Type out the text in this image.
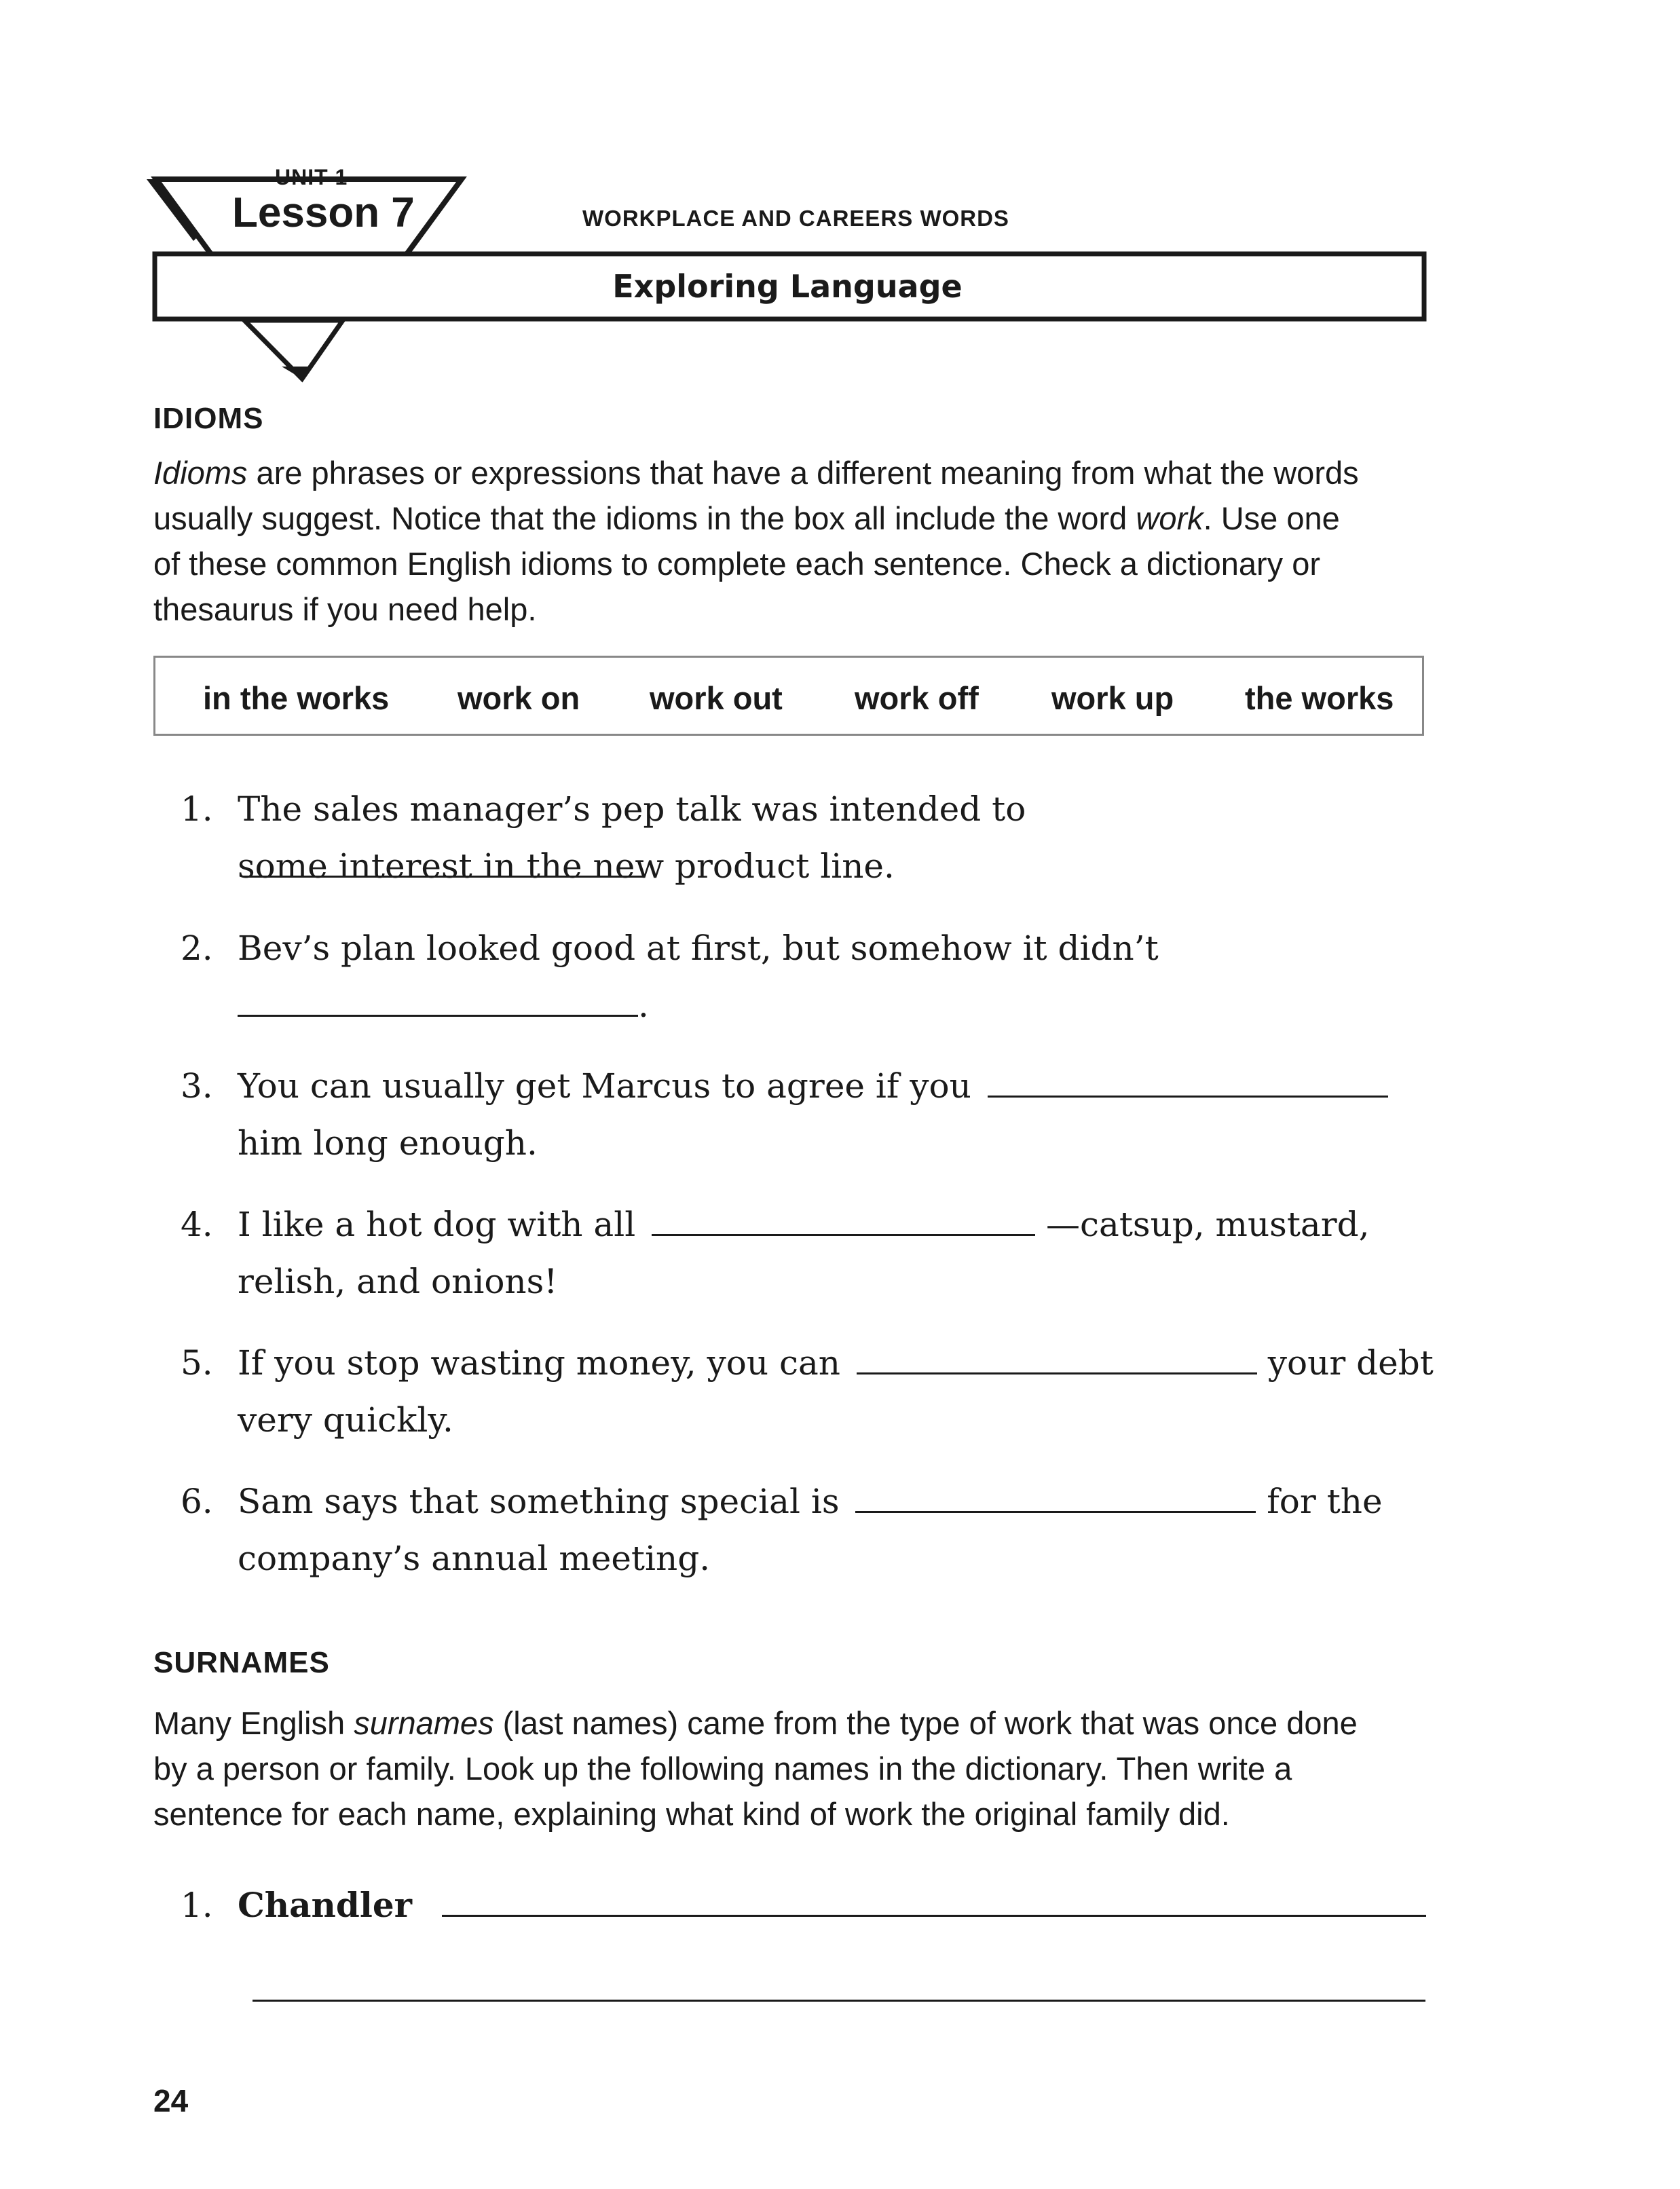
UNIT 1
Lesson 7	WORKPLACE AND CAREERS WORDS
Exploring Language
IDIOMS

Idioms are phrases or expressions that have a different meaning from what the words

usually suggest. Notice that the idioms in the box all include the word work. Use one

of these common English idioms to complete each sentence. Check a dictionary or

thesaurus if you need help.

in the works work on work out work off work up the works
1. The sales manager’s pep talk was intended to
some interest in the new product line.
2. Bev’s plan looked good at first, but somehow it didn’t
.
3. You can usually get Marcus to agree if you
him long enough.
4. I like a hot dog with all	—catsup, mustard,
relish, and onions!
5. If you stop wasting money, you can	your debt
very quickly.
6. Sam says that something special is	for the
company’s annual meeting.
SURNAMES

Many English surnames (last names) came from the type of work that was once done

by a person or family. Look up the following names in the dictionary. Then write a

sentence for each name, explaining what kind of work the original family did.

1. Chandler
24
